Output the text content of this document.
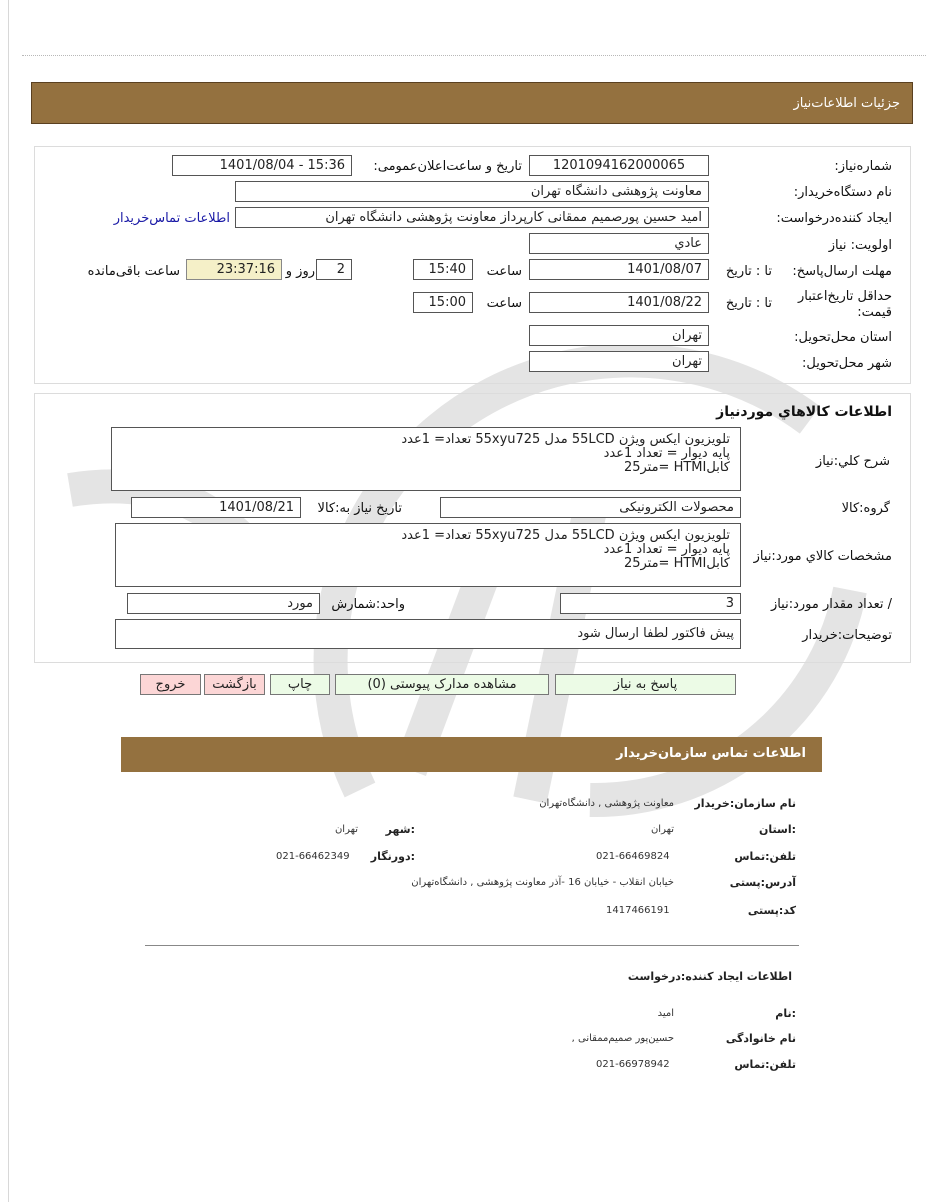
جزئیات اطلاعات‌نیاز
شماره‌نیاز:
1201094162000065
تاریخ و ساعت‌اعلان‌عمومی:
1401/08/04 - 15:36
نام دستگاه‌خریدار:
معاونت پژوهشی دانشگاه تهران
ایجاد کننده‌درخواست:
امید حسین پورصمیم ممقانی کارپرداز معاونت پژوهشی دانشگاه تهران
اطلاعات تماس‌خریدار
اولویت: نیاز
عادي
مهلت ارسال‌پاسخ:
تا : تاریخ
1401/08/07
ساعت
15:40
2
روز و
23:37:16
ساعت باقی‌مانده
حداقل تاریخ‌اعتبار
قیمت:
تا : تاریخ
1401/08/22
ساعت
15:00
استان محل‌تحویل:
تهران
شهر محل‌تحویل:
تهران
اطلاعات کالاهاي موردنیاز
شرح کلي:نیاز
تلویزیون ایکس ویژن 55LCD مدل 55xyu725 تعداد= 1عدد
پایه دیوار = تعداد 1عدد
کابلHTMI =متر25
گروه:کالا
محصولات الکترونیکی
تاریخ نیاز به:کالا
1401/08/21
مشخصات کالاي مورد:نیاز
تلویزیون ایکس ویژن 55LCD مدل 55xyu725 تعداد= 1عدد
پایه دیوار = تعداد 1عدد
کابلHTMI =متر25
/ تعداد مقدار مورد:نیاز
3
واحد:شمارش
مورد
توضیحات:خریدار
پیش فاکتور لطفا ارسال شود
پاسخ به نیاز
مشاهده مدارک پیوستی (0)
چاپ
بازگشت
خروج
اطلاعات تماس سازمان‌خریدار
نام سازمان‌:خریدار
معاونت پژوهشی , دانشگاه‌تهران
:استان
تهران
:شهر
تهران
تلفن‌:تماس
021-66469824
:دورنگار
021-66462349
آدرس‌:پستی
خیابان انقلاب - خیابان 16 -آذر معاونت پژوهشی , دانشگاه‌تهران
کد‌:پستی
1417466191
اطلاعات ایجاد کننده‌:درخواست
:نام
امید
نام خانوادگی
حسین‌پور صمیم‌ممقانی ,
تلفن‌:تماس
021-66978942
